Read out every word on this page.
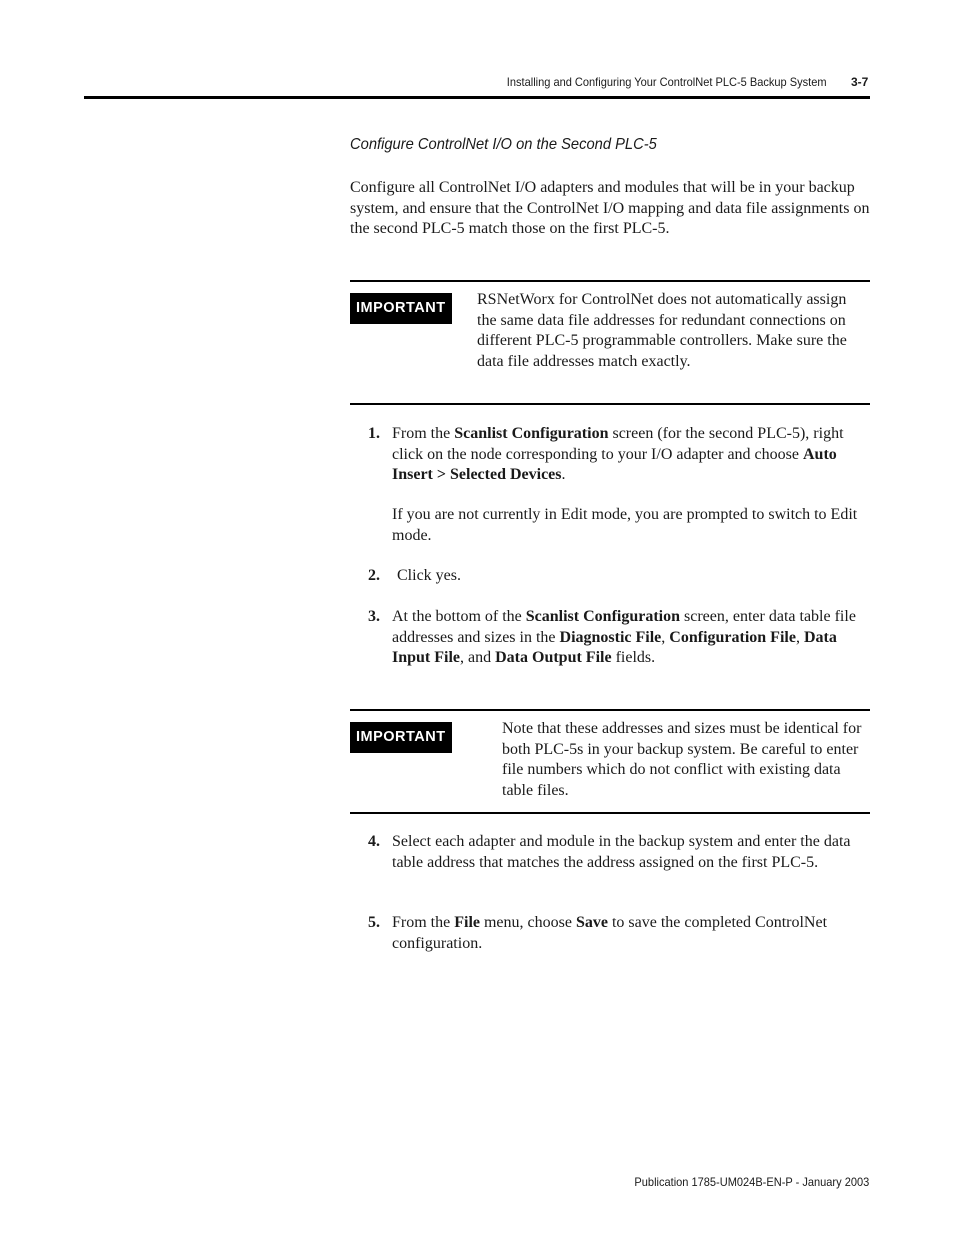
Installing and Configuring Your ControlNet PLC-5 Backup System 3-7
Configure ControlNet I/O on the Second PLC-5

Configure all ControlNet I/O adapters and modules that will be in your backup system, and ensure that the ControlNet I/O mapping and data file assignments on the second PLC-5 match those on the first PLC-5.

IMPORTANT	RSNetWorx for ControlNet does not automatically assign the same data file addresses for redundant connections on different PLC-5 programmable controllers. Make sure the data file addresses match exactly.
1. From the Scanlist Configuration screen (for the second PLC-5), right click on the node corresponding to your I/O adapter and choose Auto Insert > Selected Devices.
If you are not currently in Edit mode, you are prompted to switch to Edit mode.
2. Click yes.
3. At the bottom of the Scanlist Configuration screen, enter data table file addresses and sizes in the Diagnostic File, Configuration File, Data Input File, and Data Output File fields.
IMPORTANT	Note that these addresses and sizes must be identical for both PLC-5s in your backup system. Be careful to enter file numbers which do not conflict with existing data table files.
4. Select each adapter and module in the backup system and enter the data table address that matches the address assigned on the first PLC-5.
5. From the File menu, choose Save to save the completed ControlNet configuration.
Publication 1785-UM024B-EN-P - January 2003
